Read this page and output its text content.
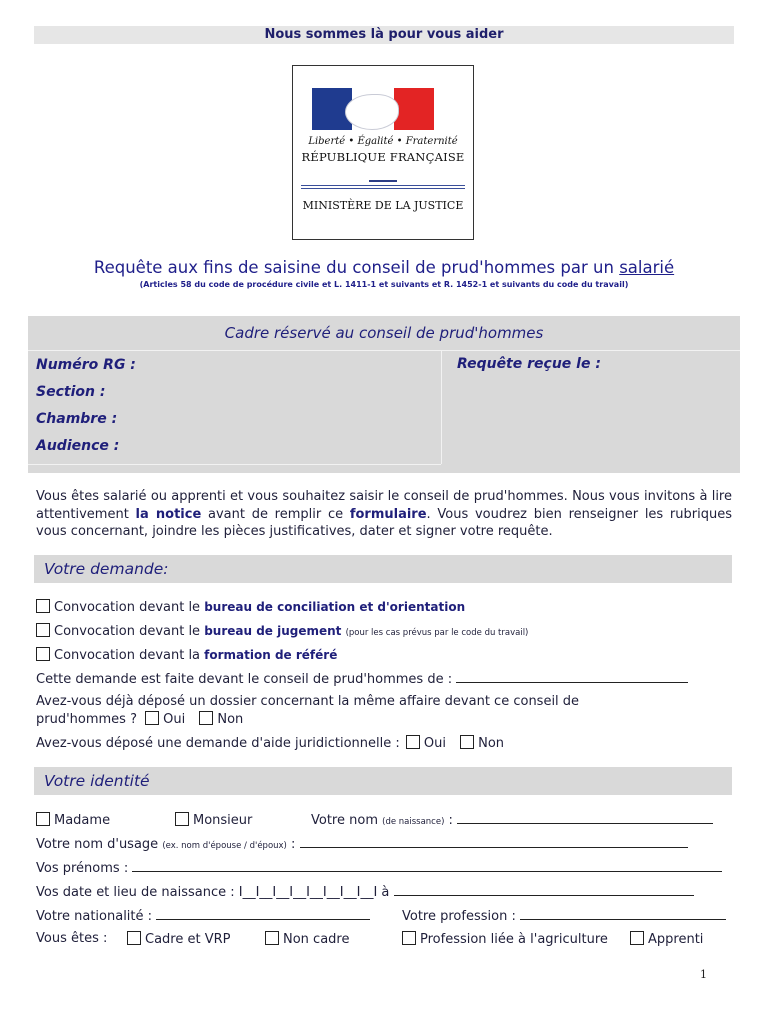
Nous sommes là pour vous aider
Liberté • Égalité • Fraternité
RÉPUBLIQUE FRANÇAISE
MINISTÈRE DE LA JUSTICE
Requête aux fins de saisine du conseil de prud'hommes par un salarié
(Articles 58 du code de procédure civile et L. 1411-1 et suivants et R. 1452-1 et suivants du code du travail)
Cadre réservé au conseil de prud'hommes
Numéro RG :
Section :
Chambre :
Audience :
Requête reçue le :
Vous êtes salarié ou apprenti et vous souhaitez saisir le conseil de prud'hommes. Nous vous invitons à lire attentivement la notice avant de remplir ce formulaire. Vous voudrez bien renseigner les rubriques vous concernant, joindre les pièces justificatives, dater et signer votre requête.
Votre demande:
Convocation devant le bureau de conciliation et d'orientation
Convocation devant le bureau de jugement (pour les cas prévus par le code du travail)
Convocation devant la formation de référé
Cette demande est faite devant le conseil de prud'hommes de :
Avez-vous déjà déposé un dossier concernant la même affaire devant ce conseil de
prud'hommes ? Oui Non
Avez-vous déposé une demande d'aide juridictionnelle : Oui Non
Votre identité
Madame	Monsieur	Votre nom (de naissance) :
Votre nom d'usage (ex. nom d'épouse / d'époux) :
Vos prénoms :
Vos date et lieu de naissance : I__I__I__I__I__I__I__I__I à
Votre nationalité :	Votre profession :
Vous êtes :	Cadre et VRP	Non cadre	Profession liée à l'agriculture	Apprenti
1
